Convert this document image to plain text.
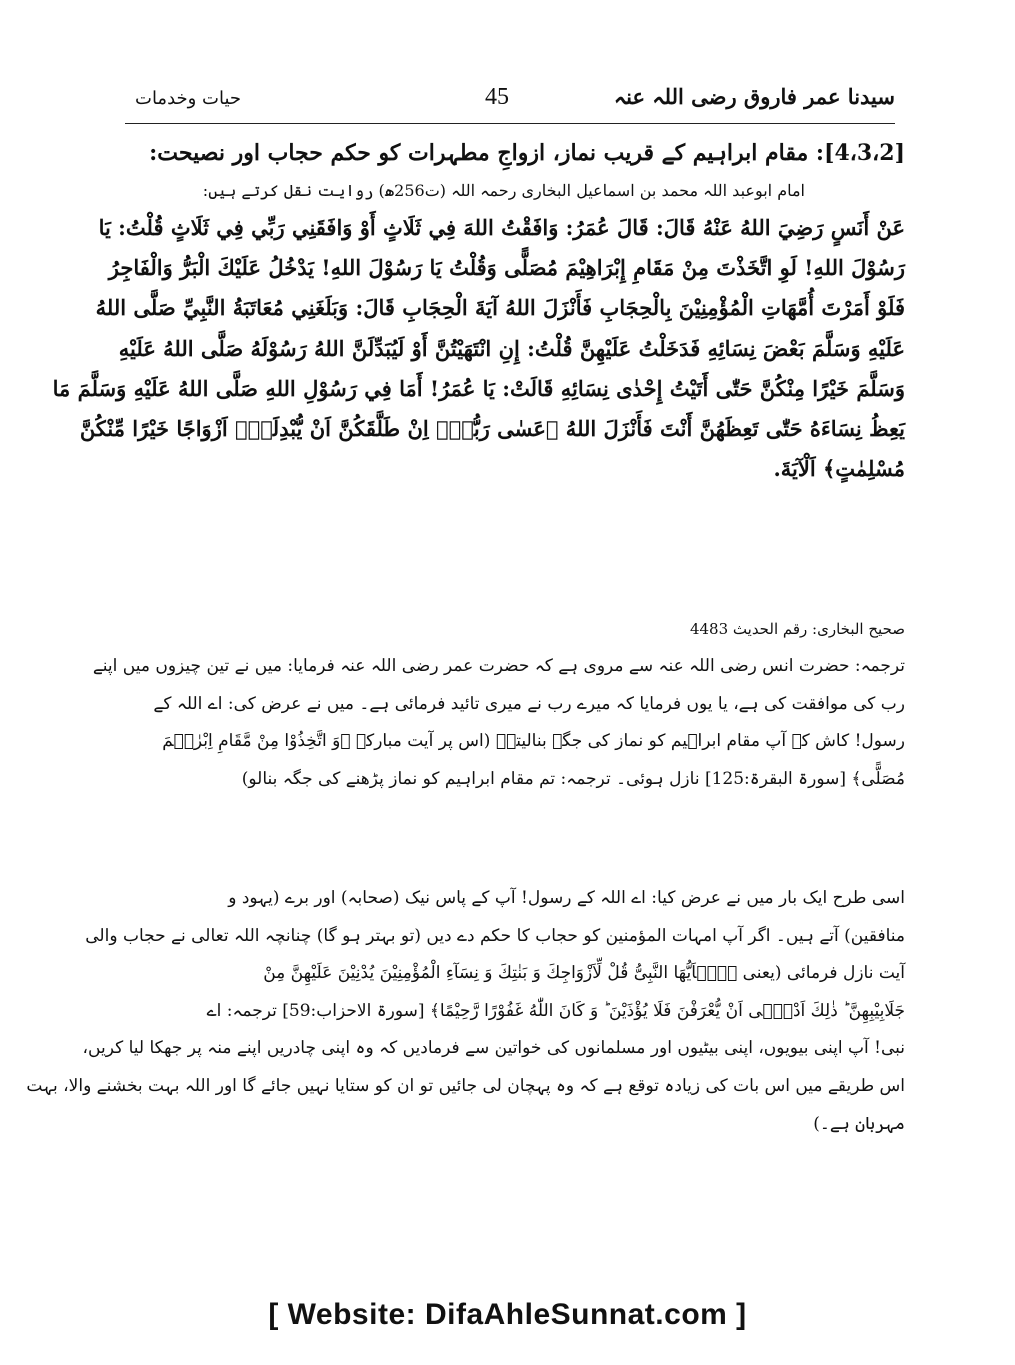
سیدنا عمر فاروق رضی اللہ عنہ
45
حیات وخدمات
[4،3،2]: مقام ابراہیم کے قریب نماز، ازواجِ مطہرات کو حکم حجاب اور نصیحت:
امام ابوعبد اللہ محمد بن اسماعیل البخاری رحمہ اللہ (ت256ھ) روایت نقل کرتے ہیں:
عَنْ أَنَسٍ رَضِيَ اللهُ عَنْهُ قَالَ: قَالَ عُمَرُ: وَافَقْتُ اللهَ فِي ثَلَاثٍ أَوْ وَافَقَنِي رَبِّي فِي ثَلَاثٍ قُلْتُ: يَا
رَسُوْلَ اللهِ! لَوِ اتَّخَذْتَ مِنْ مَقَامِ إِبْرَاهِيْمَ مُصَلًّى وَقُلْتُ يَا رَسُوْلَ اللهِ! يَدْخُلُ عَلَيْكَ الْبَرُّ وَالْفَاجِرُ
فَلَوْ أَمَرْتَ أُمَّهَاتِ الْمُؤْمِنِيْنَ بِالْحِجَابِ فَأَنْزَلَ اللهُ آيَةَ الْحِجَابِ قَالَ: وَبَلَغَنِي مُعَاتَبَةُ النَّبِيِّ صَلَّى اللهُ
عَلَيْهِ وَسَلَّمَ بَعْضَ نِسَائِهِ فَدَخَلْتُ عَلَيْهِنَّ قُلْتُ: إِنِ انْتَهَيْتُنَّ أَوْ لَيُبَدِّلَنَّ اللهُ رَسُوْلَهُ صَلَّى اللهُ عَلَيْهِ
وَسَلَّمَ خَيْرًا مِنْكُنَّ حَتّٰى أَتَيْتُ إِحْدٰى نِسَائِهِ قَالَتْ: يَا عُمَرُ! أَمَا فِي رَسُوْلِ اللهِ صَلَّى اللهُ عَلَيْهِ وَسَلَّمَ مَا
يَعِظُ نِسَاءَهُ حَتّٰى تَعِظَهُنَّ أَنْتَ فَأَنْزَلَ اللهُ ﴿عَسٰى رَبُّهٗۤ اِنْ طَلَّقَكُنَّ اَنْ يُّبْدِلَهٗۤ اَزْوَاجًا خَيْرًا مِّنْكُنَّ
مُسْلِمٰتٍ﴾ اَلْآيَةَ.
صحیح البخاری: رقم الحدیث 4483
ترجمہ: حضرت انس رضی اللہ عنہ سے مروی ہے کہ حضرت عمر رضی اللہ عنہ فرمایا: میں نے تین چیزوں میں اپنے
رب کی موافقت کی ہے، یا یوں فرمایا کہ میرے رب نے میری تائید فرمائی ہے۔ میں نے عرض کی: اے اللہ کے
رسول! کاش کہ آپ مقام ابراہیم کو نماز کی جگہ بنالیتے۔ (اس پر آیت مبارکہ ﴿وَ اتَّخِذُوْا مِنْ مَّقَامِ اِبْرٰهٖمَ
مُصَلًّى﴾ [سورۃ البقرۃ:125] نازل ہوئی۔ ترجمہ: تم مقام ابراہیم کو نماز پڑھنے کی جگہ بنالو)
اسی طرح ایک بار میں نے عرض کیا: اے اللہ کے رسول! آپ کے پاس نیک (صحابہ) اور برے (یہود و
منافقین) آتے ہیں۔ اگر آپ امہات المؤمنین کو حجاب کا حکم دے دیں (تو بہتر ہو گا) چنانچہ اللہ تعالی نے حجاب والی
آیت نازل فرمائی (یعنی ﴿یٰۤاَیُّهَا النَّبِیُّ قُلْ لِّاَزْوَاجِكَ وَ بَنٰتِكَ وَ نِسَآءِ الْمُؤْمِنِیْنَ یُدْنِیْنَ عَلَیْهِنَّ مِنْ
جَلَابِیْبِهِنَّ ؕ ذٰلِكَ اَدْنٰۤى اَنْ یُّعْرَفْنَ فَلَا یُؤْذَیْنَ ؕ وَ كَانَ اللّٰهُ غَفُوْرًا رَّحِیْمًا﴾ [سورۃ الاحزاب:59] ترجمہ: اے
نبی! آپ اپنی بیویوں، اپنی بیٹیوں اور مسلمانوں کی خواتین سے فرمادیں کہ وہ اپنی چادریں اپنے منہ پر جھکا لیا کریں،
اس طریقے میں اس بات کی زیادہ توقع ہے کہ وہ پہچان لی جائیں تو ان کو ستایا نہیں جائے گا اور اللہ بہت بخشنے والا، بہت
مہربان ہے۔)
[ Website: DifaAhleSunnat.com ]
